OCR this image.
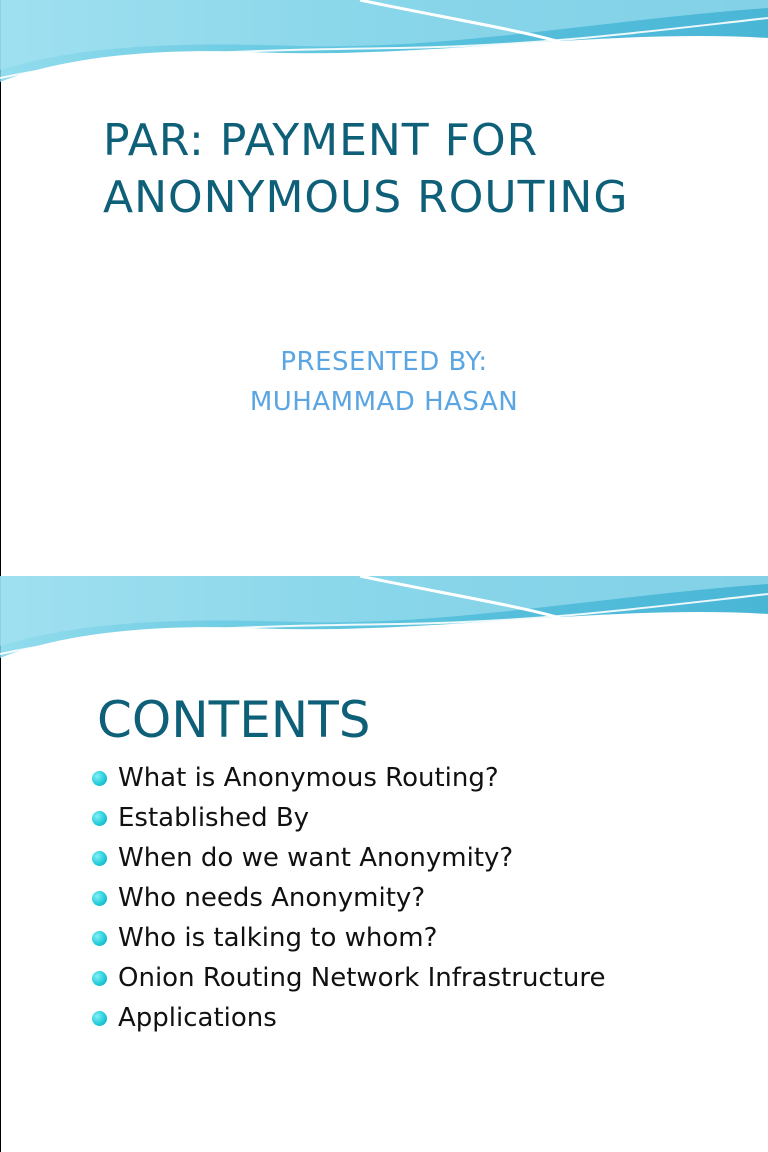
PAR: PAYMENT FOR
ANONYMOUS ROUTING
PRESENTED BY:
MUHAMMAD HASAN
CONTENTS
What is Anonymous Routing?
Established By
When do we want Anonymity?
Who needs Anonymity?
Who is talking to whom?
Onion Routing Network Infrastructure
Applications
